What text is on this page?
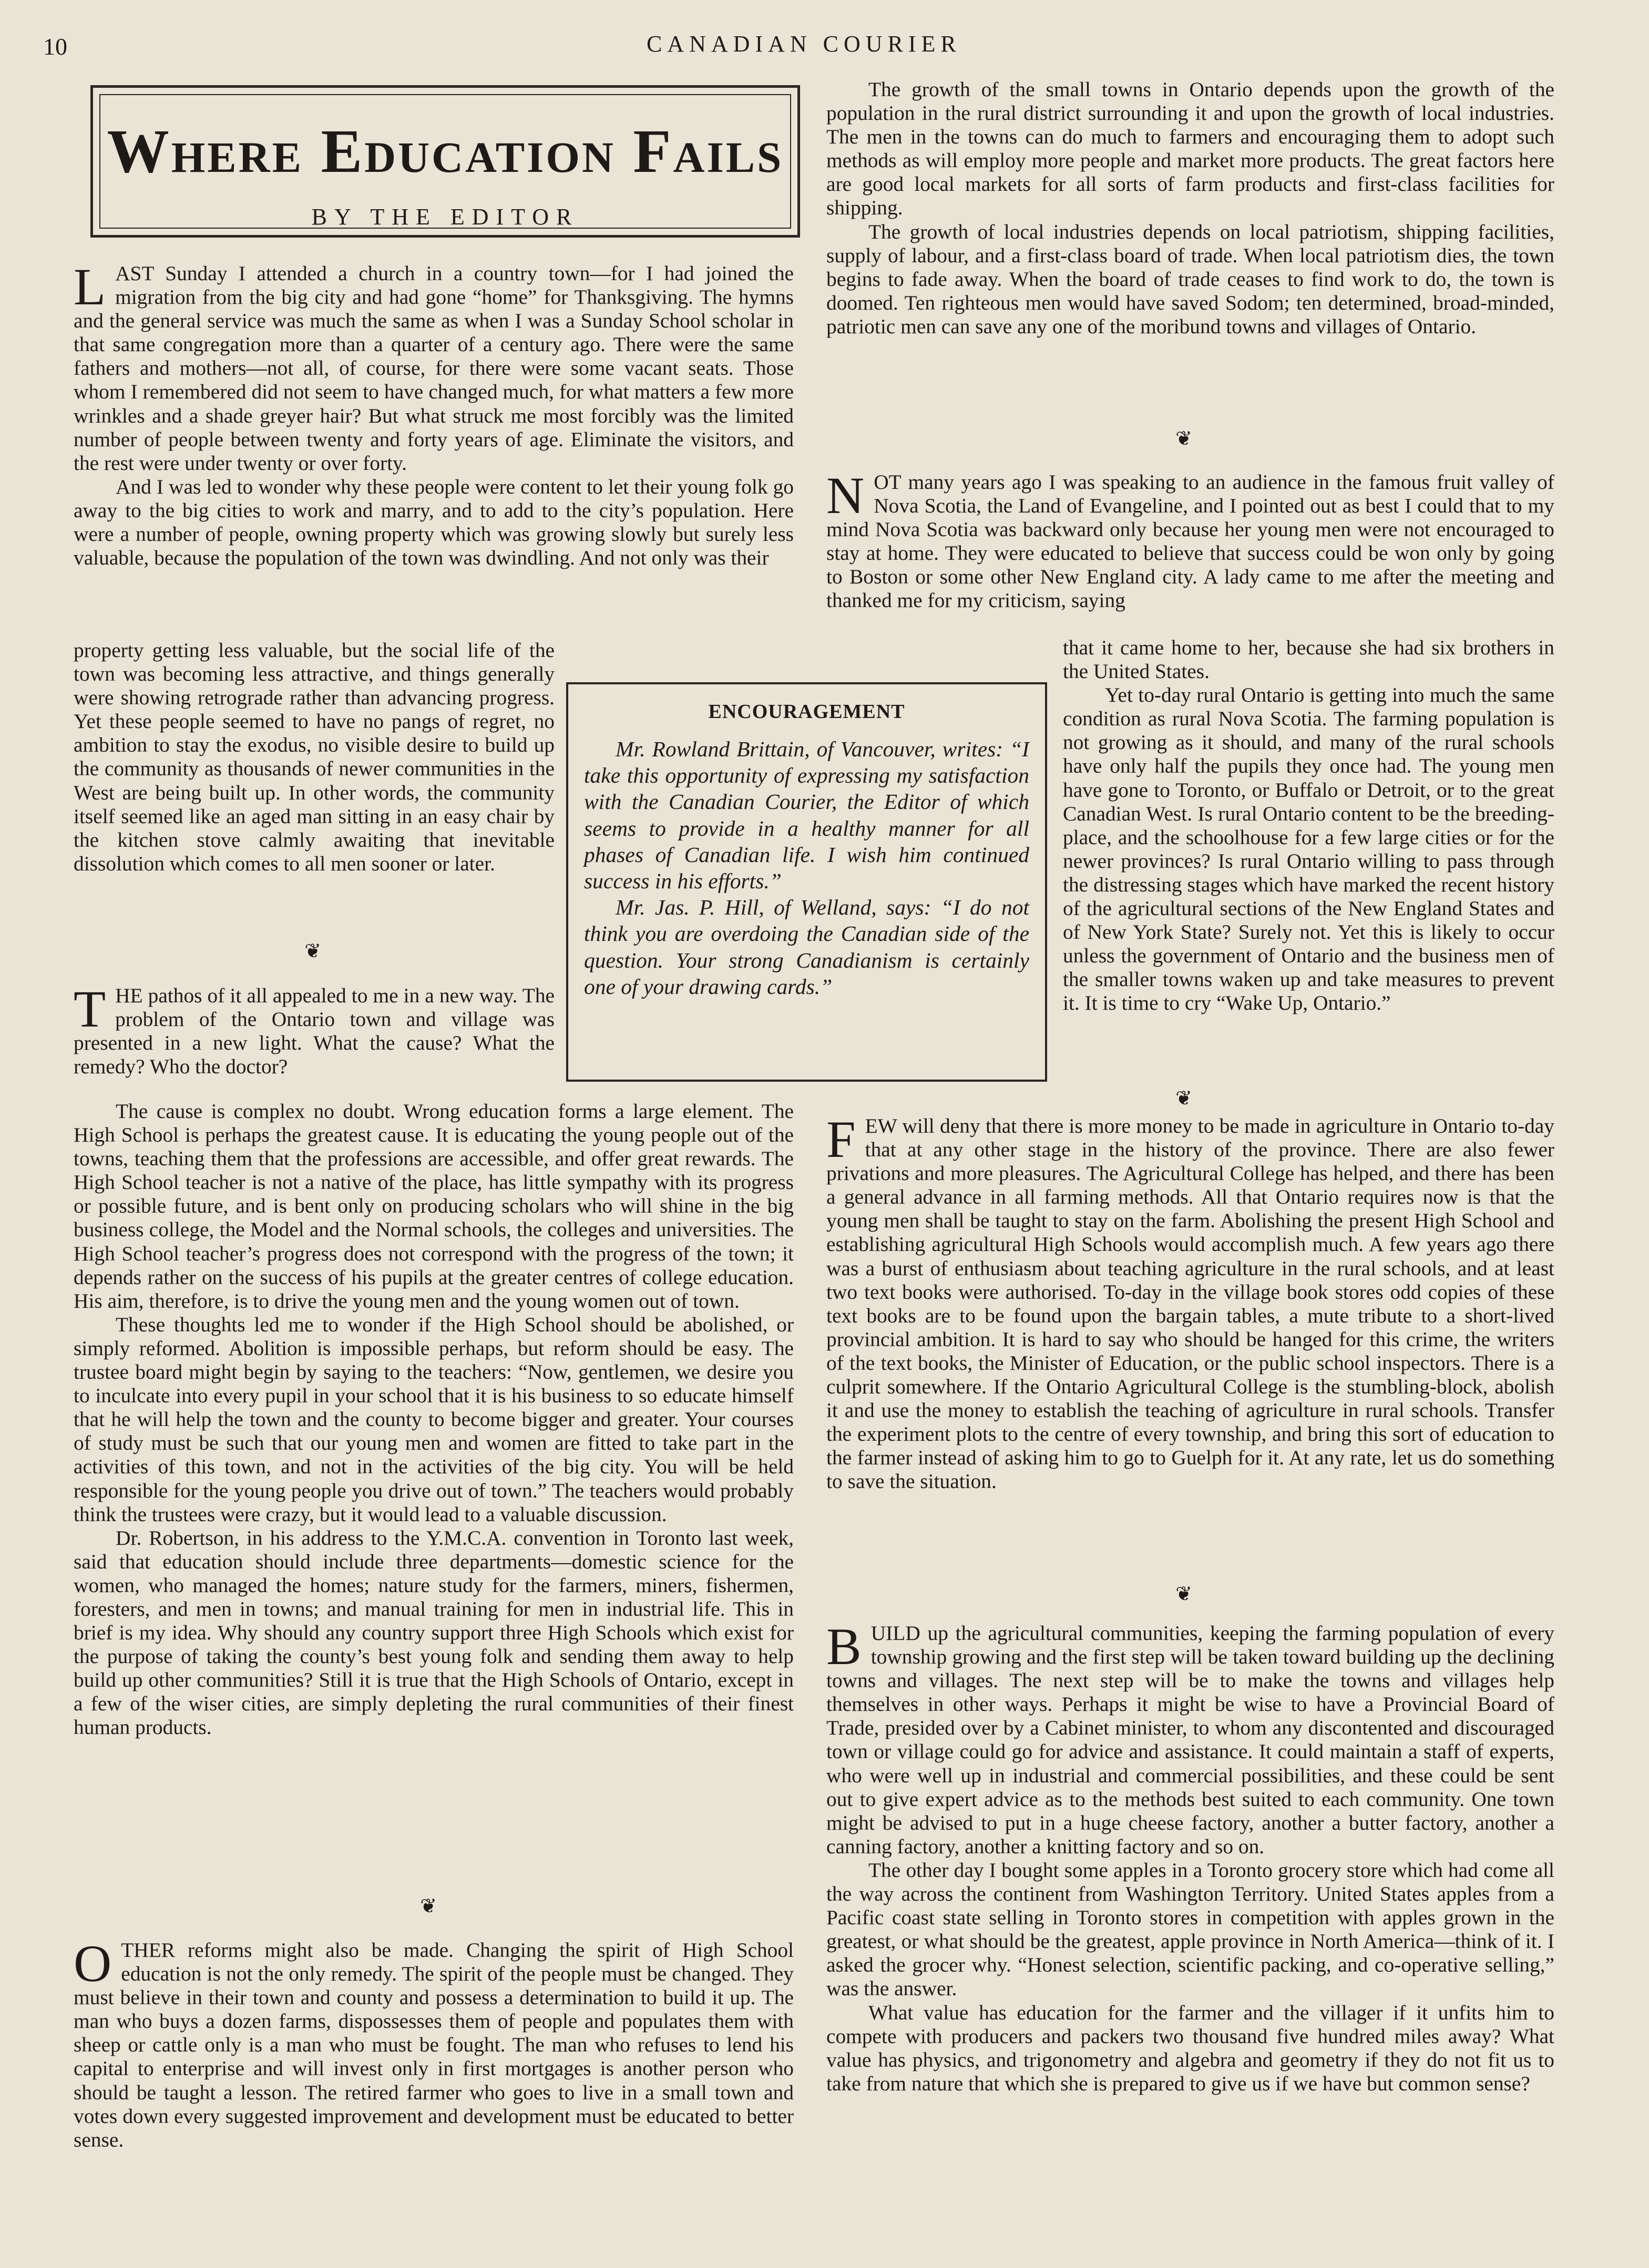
10	CANADIAN COURIER
Where Education Fails
BY THE EDITOR

LAST Sunday I attended a church in a country town—for I had joined the migration from the big city and had gone “home” for Thanksgiving. The hymns and the general service was much the same as when I was a Sunday School scholar in that same congregation more than a quarter of a century ago. There were the same fathers and mothers—not all, of course, for there were some vacant seats. Those whom I remembered did not seem to have changed much, for what matters a few more wrinkles and a shade greyer hair? But what struck me most forcibly was the limited number of people between twenty and forty years of age. Eliminate the visitors, and the rest were under twenty or over forty.

And I was led to wonder why these people were content to let their young folk go away to the big cities to work and marry, and to add to the city’s population. Here were a number of people, owning property which was growing slowly but surely less valuable, because the population of the town was dwindling. And not only was their

property getting less valuable, but the social life of the town was becoming less attractive, and things generally were showing retrograde rather than advancing progress. Yet these people seemed to have no pangs of regret, no ambition to stay the exodus, no visible desire to build up the community as thousands of newer communities in the West are being built up. In other words, the community itself seemed like an aged man sitting in an easy chair by the kitchen stove calmly awaiting that inevitable dissolution which comes to all men sooner or later.

❦

THE pathos of it all appealed to me in a new way. The problem of the Ontario town and village was presented in a new light. What the cause? What the remedy? Who the doctor?

The cause is complex no doubt. Wrong education forms a large element. The High School is perhaps the greatest cause. It is educating the young people out of the towns, teaching them that the professions are accessible, and offer great rewards. The High School teacher is not a native of the place, has little sympathy with its progress or possible future, and is bent only on producing scholars who will shine in the big business college, the Model and the Normal schools, the colleges and universities. The High School teacher’s progress does not correspond with the progress of the town; it depends rather on the success of his pupils at the greater centres of college education. His aim, therefore, is to drive the young men and the young women out of town.

These thoughts led me to wonder if the High School should be abolished, or simply reformed. Abolition is impossible perhaps, but reform should be easy. The trustee board might begin by saying to the teachers: “Now, gentlemen, we desire you to inculcate into every pupil in your school that it is his business to so educate himself that he will help the town and the county to become bigger and greater. Your courses of study must be such that our young men and women are fitted to take part in the activities of this town, and not in the activities of the big city. You will be held responsible for the young people you drive out of town.” The teachers would probably think the trustees were crazy, but it would lead to a valuable discussion.

Dr. Robertson, in his address to the Y.M.C.A. convention in Toronto last week, said that education should include three departments—domestic science for the women, who managed the homes; nature study for the farmers, miners, fishermen, foresters, and men in towns; and manual training for men in industrial life. This in brief is my idea. Why should any country support three High Schools which exist for the purpose of taking the county’s best young folk and sending them away to help build up other communities? Still it is true that the High Schools of Ontario, except in a few of the wiser cities, are simply depleting the rural communities of their finest human products.

❦

OTHER reforms might also be made. Changing the spirit of High School education is not the only remedy. The spirit of the people must be changed. They must believe in their town and county and possess a determination to build it up. The man who buys a dozen farms, dispossesses them of people and populates them with sheep or cattle only is a man who must be fought. The man who refuses to lend his capital to enterprise and will invest only in first mortgages is another person who should be taught a lesson. The retired farmer who goes to live in a small town and votes down every suggested improvement and development must be educated to better sense.

ENCOURAGEMENT

Mr. Rowland Brittain, of Vancouver, writes: “I take this opportunity of expressing my satisfaction with the Canadian Courier, the Editor of which seems to provide in a healthy manner for all phases of Canadian life. I wish him continued success in his efforts.”

Mr. Jas. P. Hill, of Welland, says: “I do not think you are overdoing the Canadian side of the question. Your strong Canadianism is certainly one of your drawing cards.”

The growth of the small towns in Ontario depends upon the growth of the population in the rural district surrounding it and upon the growth of local industries. The men in the towns can do much to farmers and encouraging them to adopt such methods as will employ more people and market more products. The great factors here are good local markets for all sorts of farm products and first-class facilities for shipping.

The growth of local industries depends on local patriotism, shipping facilities, supply of labour, and a first-class board of trade. When local patriotism dies, the town begins to fade away. When the board of trade ceases to find work to do, the town is doomed. Ten righteous men would have saved Sodom; ten determined, broad-minded, patriotic men can save any one of the moribund towns and villages of Ontario.

❦

NOT many years ago I was speaking to an audience in the famous fruit valley of Nova Scotia, the Land of Evangeline, and I pointed out as best I could that to my mind Nova Scotia was backward only because her young men were not encouraged to stay at home. They were educated to believe that success could be won only by going to Boston or some other New England city. A lady came to me after the meeting and thanked me for my criticism, saying

that it came home to her, because she had six brothers in the United States.

Yet to-day rural Ontario is getting into much the same condition as rural Nova Scotia. The farming population is not growing as it should, and many of the rural schools have only half the pupils they once had. The young men have gone to Toronto, or Buffalo or Detroit, or to the great Canadian West. Is rural Ontario content to be the breeding-place, and the schoolhouse for a few large cities or for the newer provinces? Is rural Ontario willing to pass through the distressing stages which have marked the recent history of the agricultural sections of the New England States and of New York State? Surely not. Yet this is likely to occur unless the government of Ontario and the business men of the smaller towns waken up and take measures to prevent it. It is time to cry “Wake Up, Ontario.”

❦

FEW will deny that there is more money to be made in agriculture in Ontario to-day that at any other stage in the history of the province. There are also fewer privations and more pleasures. The Agricultural College has helped, and there has been a general advance in all farming methods. All that Ontario requires now is that the young men shall be taught to stay on the farm. Abolishing the present High School and establishing agricultural High Schools would accomplish much. A few years ago there was a burst of enthusiasm about teaching agriculture in the rural schools, and at least two text books were authorised. To-day in the village book stores odd copies of these text books are to be found upon the bargain tables, a mute tribute to a short-lived provincial ambition. It is hard to say who should be hanged for this crime, the writers of the text books, the Minister of Education, or the public school inspectors. There is a culprit somewhere. If the Ontario Agricultural College is the stumbling-block, abolish it and use the money to establish the teaching of agriculture in rural schools. Transfer the experiment plots to the centre of every township, and bring this sort of education to the farmer instead of asking him to go to Guelph for it. At any rate, let us do something to save the situation.

❦

BUILD up the agricultural communities, keeping the farming population of every township growing and the first step will be taken toward building up the declining towns and villages. The next step will be to make the towns and villages help themselves in other ways. Perhaps it might be wise to have a Provincial Board of Trade, presided over by a Cabinet minister, to whom any discontented and discouraged town or village could go for advice and assistance. It could maintain a staff of experts, who were well up in industrial and commercial possibilities, and these could be sent out to give expert advice as to the methods best suited to each community. One town might be advised to put in a huge cheese factory, another a butter factory, another a canning factory, another a knitting factory and so on.

The other day I bought some apples in a Toronto grocery store which had come all the way across the continent from Washington Territory. United States apples from a Pacific coast state selling in Toronto stores in competition with apples grown in the greatest, or what should be the greatest, apple province in North America—think of it. I asked the grocer why. “Honest selection, scientific packing, and co-operative selling,” was the answer.

What value has education for the farmer and the villager if it unfits him to compete with producers and packers two thousand five hundred miles away? What value has physics, and trigonometry and algebra and geometry if they do not fit us to take from nature that which she is prepared to give us if we have but common sense?
